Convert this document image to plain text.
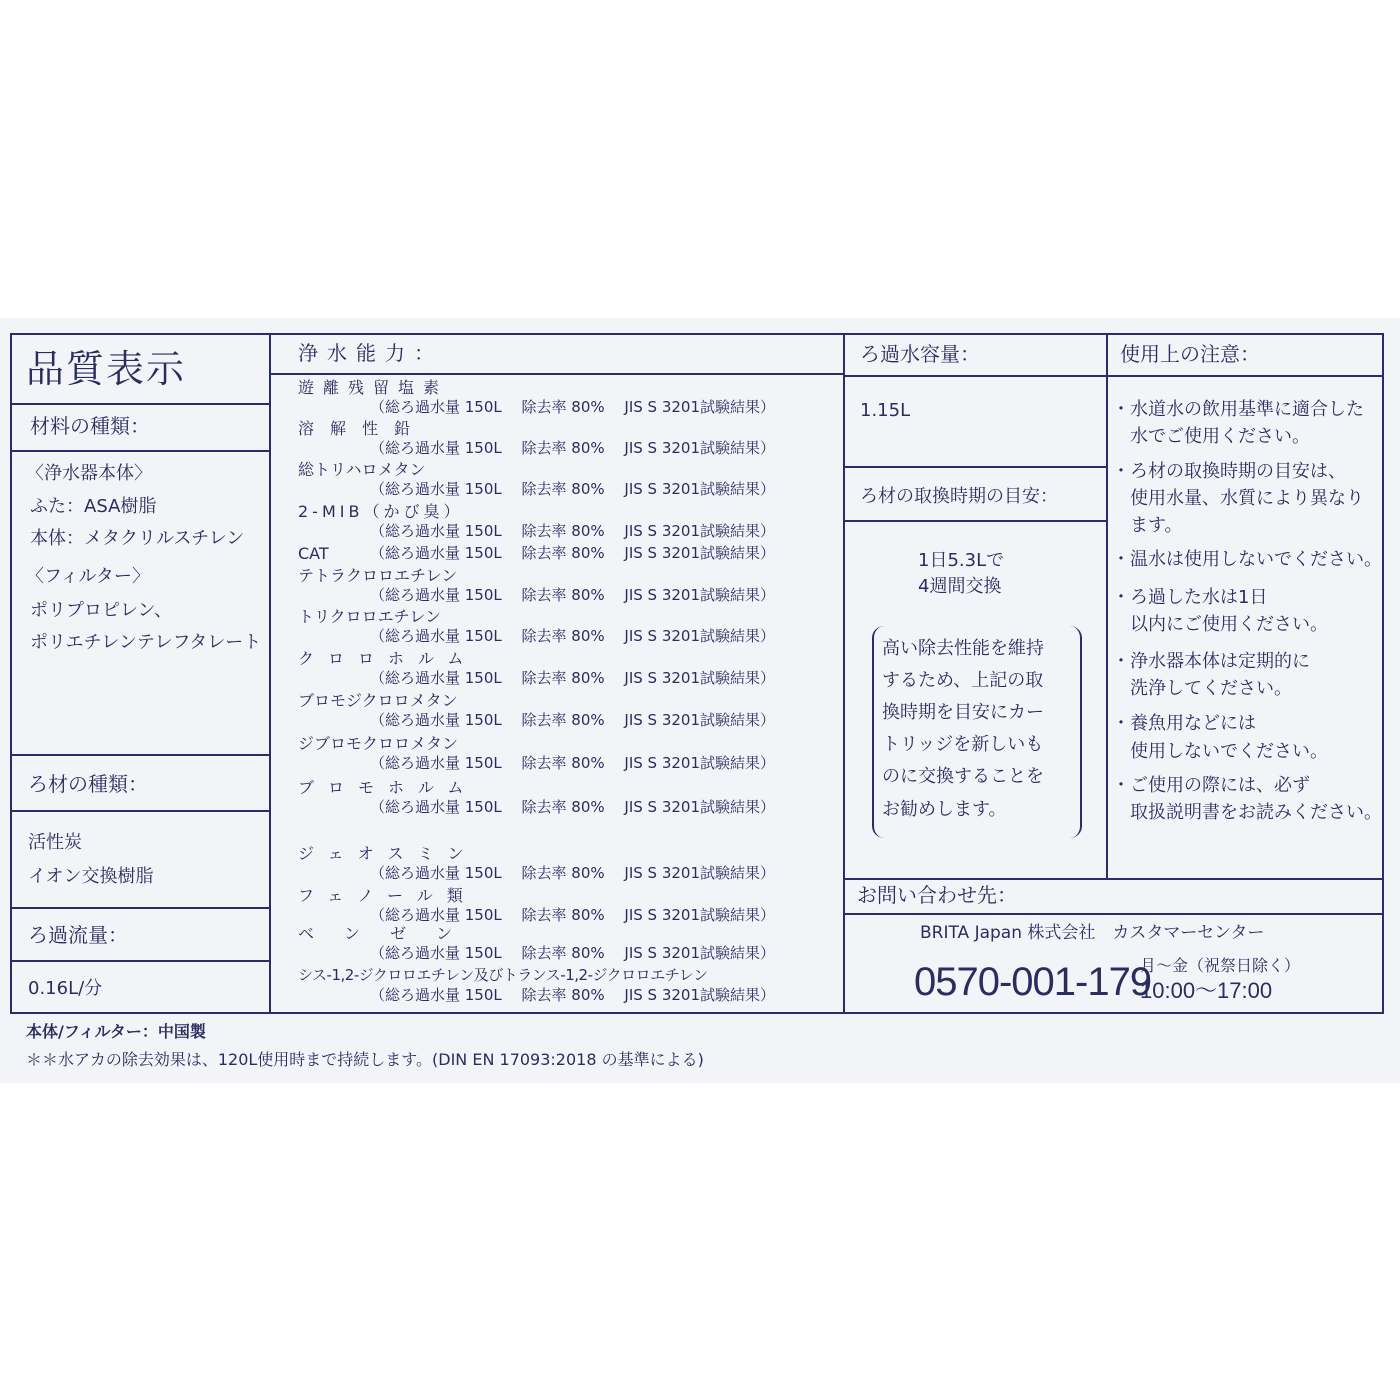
品質表示
材料の種類：
〈浄水器本体〉
ふた：ASA樹脂
本体：メタクリルスチレン
〈フィルター〉
ポリプロピレン、
ポリエチレンテレフタレート
ろ材の種類：
活性炭
イオン交換樹脂
ろ過流量：
0.16L/分
浄水能力：
遊離残留塩素
（総ろ過水量 150L　 除去率 80%　 JIS S 3201試験結果）
溶　解　性　鉛
（総ろ過水量 150L　 除去率 80%　 JIS S 3201試験結果）
総トリハロメタン
（総ろ過水量 150L　 除去率 80%　 JIS S 3201試験結果）
2-MIB（かび臭）
（総ろ過水量 150L　 除去率 80%　 JIS S 3201試験結果）
CAT	（総ろ過水量 150L　 除去率 80%　 JIS S 3201試験結果）
テトラクロロエチレン
（総ろ過水量 150L　 除去率 80%　 JIS S 3201試験結果）
トリクロロエチレン
（総ろ過水量 150L　 除去率 80%　 JIS S 3201試験結果）
クロロホルム
（総ろ過水量 150L　 除去率 80%　 JIS S 3201試験結果）
ブロモジクロロメタン
（総ろ過水量 150L　 除去率 80%　 JIS S 3201試験結果）
ジブロモクロロメタン
（総ろ過水量 150L　 除去率 80%　 JIS S 3201試験結果）
ブロモホルム
（総ろ過水量 150L　 除去率 80%　 JIS S 3201試験結果）
ジェオスミン
（総ろ過水量 150L　 除去率 80%　 JIS S 3201試験結果）
フェノール類
（総ろ過水量 150L　 除去率 80%　 JIS S 3201試験結果）
ベンゼン
（総ろ過水量 150L　 除去率 80%　 JIS S 3201試験結果）
シス-1,2-ジクロロエチレン及びトランス-1,2-ジクロロエチレン
（総ろ過水量 150L　 除去率 80%　 JIS S 3201試験結果）
ろ過水容量：
1.15L
ろ材の取換時期の目安：
1日5.3Lで
4週間交換
高い除去性能を維持
するため、上記の取
換時期を目安にカー
トリッジを新しいも
のに交換することを
お勧めします。
使用上の注意：
・水道水の飲用基準に適合した
　水でご使用ください。
・ろ材の取換時期の目安は、
　使用水量、水質により異なり
　ます。
・温水は使用しないでください。
・ろ過した水は1日
　以内にご使用ください。
・浄水器本体は定期的に
　洗浄してください。
・養魚用などには
　使用しないでください。
・ご使用の際には、必ず
　取扱説明書をお読みください。
お問い合わせ先：
BRITA Japan 株式会社　カスタマーセンター
0570-001-179
月～金（祝祭日除く）
10:00～17:00
本体/フィルター：中国製
＊＊水アカの除去効果は、120L使用時まで持続します。(DIN EN 17093:2018 の基準による)
